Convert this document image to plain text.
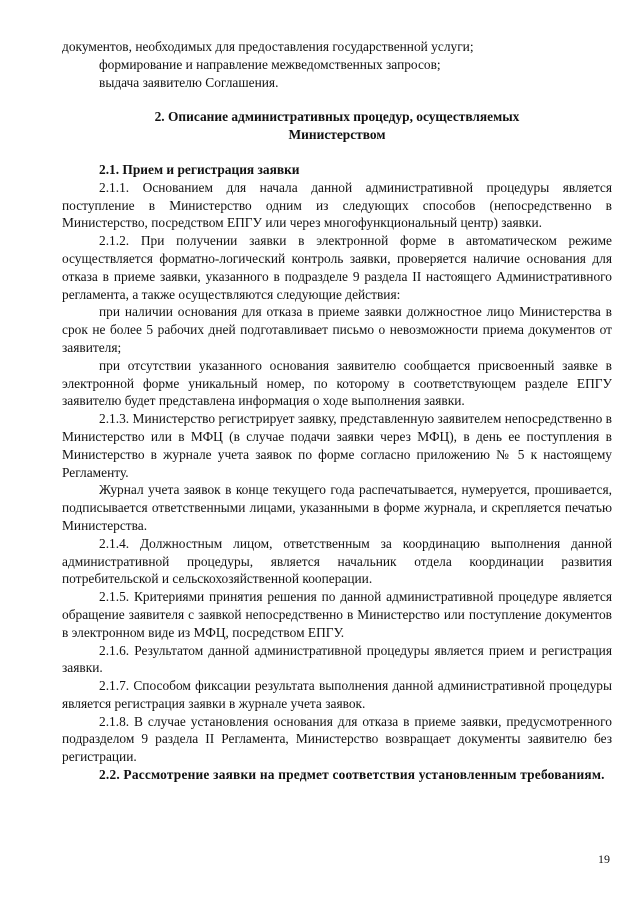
документов, необходимых для предоставления государственной услуги;

формирование и направление межведомственных запросов;

выдача заявителю Соглашения.

2. Описание административных процедур, осуществляемых
Министерством

2.1. Прием и регистрация заявки

2.1.1. Основанием для начала данной административной процедуры является поступление в Министерство одним из следующих способов (непосредственно в Министерство, посредством ЕПГУ или через многофункциональный центр) заявки.

2.1.2. При получении заявки в электронной форме в автоматическом режиме осуществляется форматно-логический контроль заявки, проверяется наличие основания для отказа в приеме заявки, указанного в подразделе 9 раздела II настоящего Административного регламента, а также осуществляются следующие действия:

при наличии основания для отказа в приеме заявки должностное лицо Министерства в срок не более 5 рабочих дней подготавливает письмо о невозможности приема документов от заявителя;

при отсутствии указанного основания заявителю сообщается присвоенный заявке в электронной форме уникальный номер, по которому в соответствующем разделе ЕПГУ заявителю будет представлена информация о ходе выполнения заявки.

2.1.3. Министерство регистрирует заявку, представленную заявителем непосредственно в Министерство или в МФЦ (в случае подачи заявки через МФЦ), в день ее поступления в Министерство в журнале учета заявок по форме согласно приложению № 5 к настоящему Регламенту.

Журнал учета заявок в конце текущего года распечатывается, нумеруется, прошивается, подписывается ответственными лицами, указанными в форме журнала, и скрепляется печатью Министерства.

2.1.4. Должностным лицом, ответственным за координацию выполнения данной административной процедуры, является начальник отдела координации развития потребительской и сельскохозяйственной кооперации.

2.1.5. Критериями принятия решения по данной административной процедуре является обращение заявителя с заявкой непосредственно в Министерство или поступление документов в электронном виде из МФЦ, посредством ЕПГУ.

2.1.6. Результатом данной административной процедуры является прием и регистрация заявки.

2.1.7. Способом фиксации результата выполнения данной административной процедуры является регистрация заявки в журнале учета заявок.

2.1.8. В случае установления основания для отказа в приеме заявки, предусмотренного подразделом 9 раздела II Регламента, Министерство возвращает документы заявителю без регистрации.

2.2. Рассмотрение заявки на предмет соответствия установленным требованиям.

19
